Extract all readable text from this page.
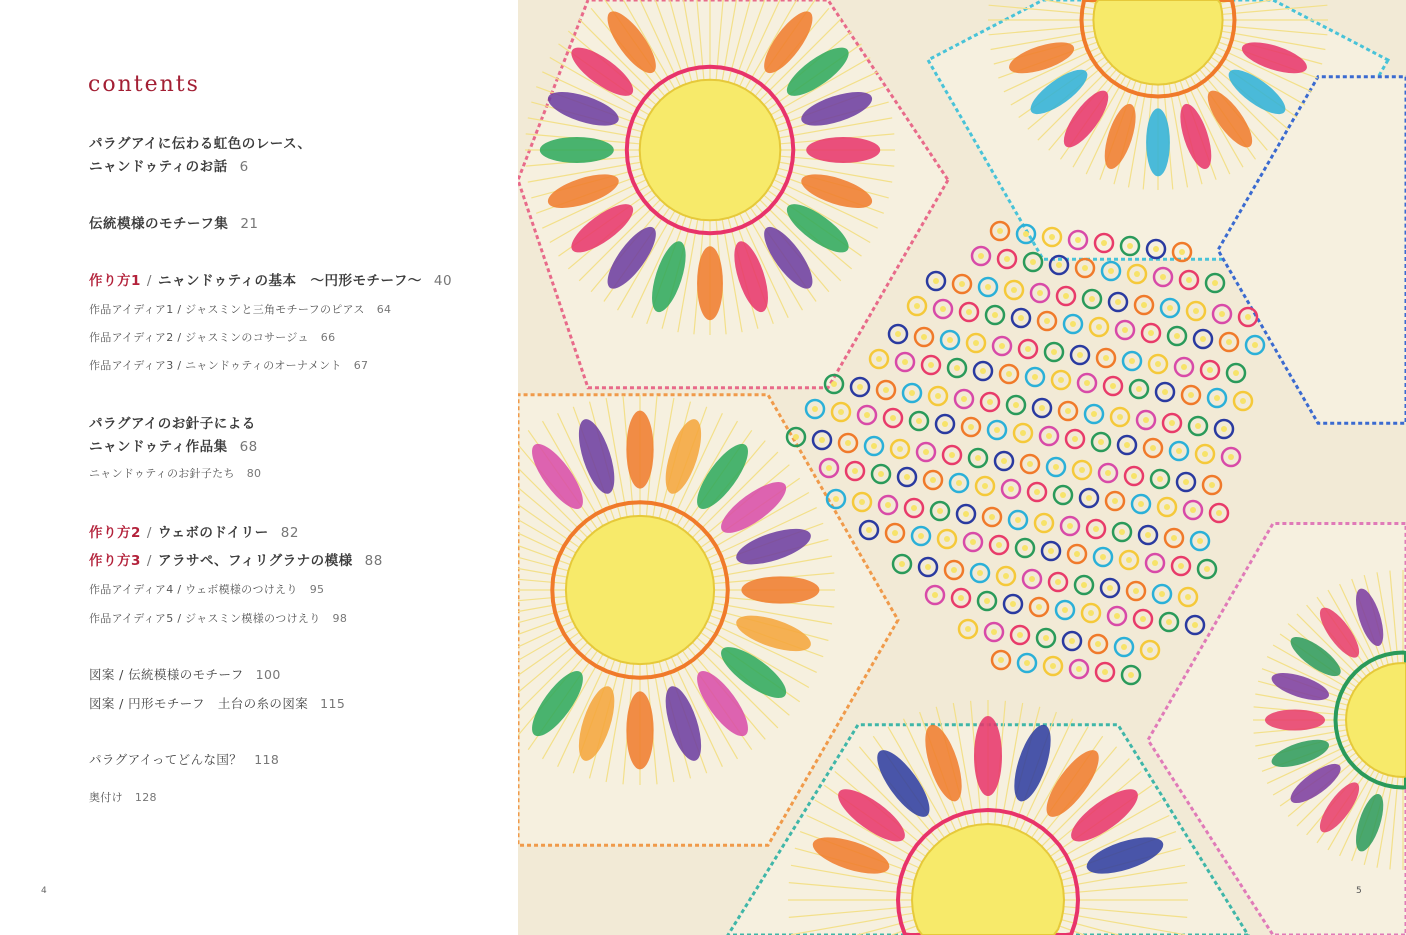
contents
パラグアイに伝わる虹色のレース、
ニャンドゥティのお話 6
伝統模様のモチーフ集 21
作り方1 / ニャンドゥティの基本　～円形モチーフ～ 40
作品アイディア1 / ジャスミンと三角モチーフのピアス 64
作品アイディア2 / ジャスミンのコサージュ 66
作品アイディア3 / ニャンドゥティのオーナメント 67
パラグアイのお針子による
ニャンドゥティ作品集 68
ニャンドゥティのお針子たち 80
作り方2 / ウェボのドイリー 82
作り方3 / アラサペ、フィリグラナの模様 88
作品アイディア4 / ウェボ模様のつけえり 95
作品アイディア5 / ジャスミン模様のつけえり 98
図案 / 伝統模様のモチーフ 100
図案 / 円形モチーフ　土台の糸の図案 115
パラグアイってどんな国？ 118
奥付け 128
4	5
